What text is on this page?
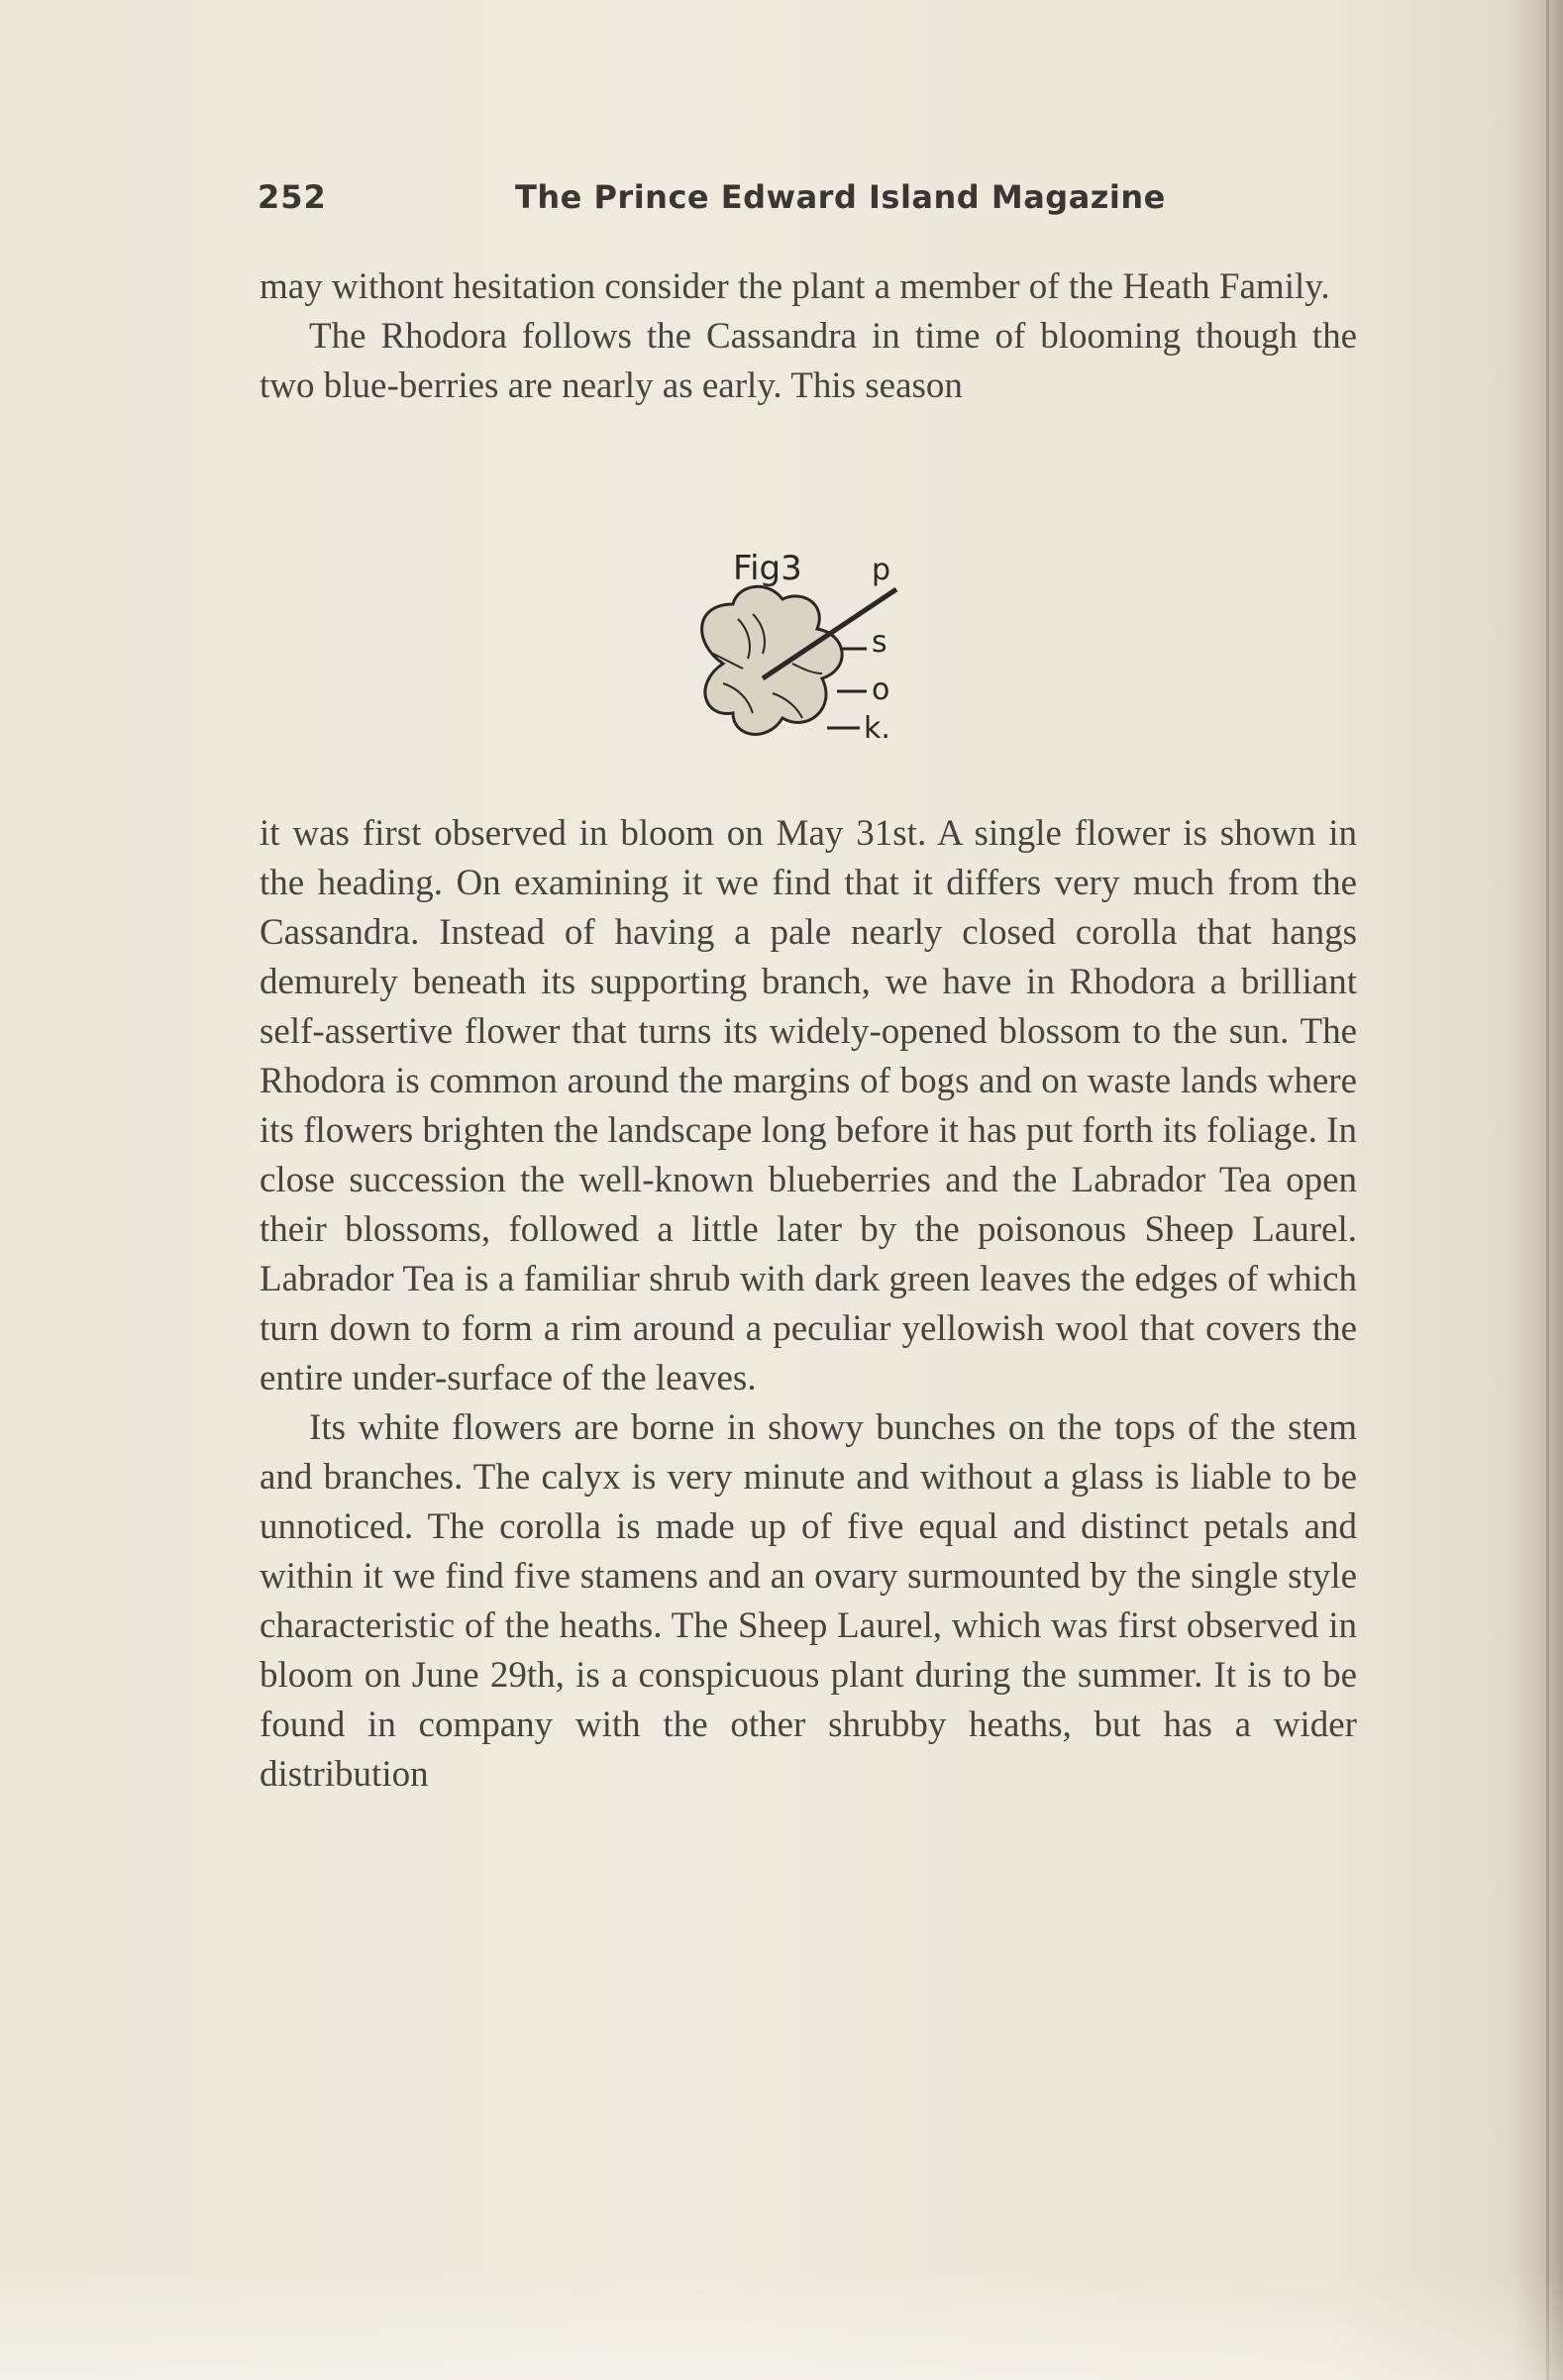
252	The Prince Edward Island Magazine

may withont hesitation consider the plant a member of the Heath Family.

The Rhodora follows the Cassandra in time of blooming though the two blue-berries are nearly as early. This season

Fig3 p
s
o
k.

it was first observed in bloom on May 31st. A single flower is shown in the heading. On examining it we find that it differs very much from the Cassandra. Instead of having a pale nearly closed corolla that hangs demurely beneath its supporting branch, we have in Rhodora a brilliant self-assertive flower that turns its widely-opened blossom to the sun. The Rhodora is common around the margins of bogs and on waste lands where its flowers brighten the landscape long before it has put forth its foliage. In close succession the well-known blueberries and the Labrador Tea open their blossoms, followed a little later by the poisonous Sheep Laurel. Labrador Tea is a familiar shrub with dark green leaves the edges of which turn down to form a rim around a peculiar yellowish wool that covers the entire under-surface of the leaves.

Its white flowers are borne in showy bunches on the tops of the stem and branches. The calyx is very minute and without a glass is liable to be unnoticed. The corolla is made up of five equal and distinct petals and within it we find five stamens and an ovary surmounted by the single style characteristic of the heaths. The Sheep Laurel, which was first observed in bloom on June 29th, is a conspicuous plant during the summer. It is to be found in company with the other shrubby heaths, but has a wider distribution
